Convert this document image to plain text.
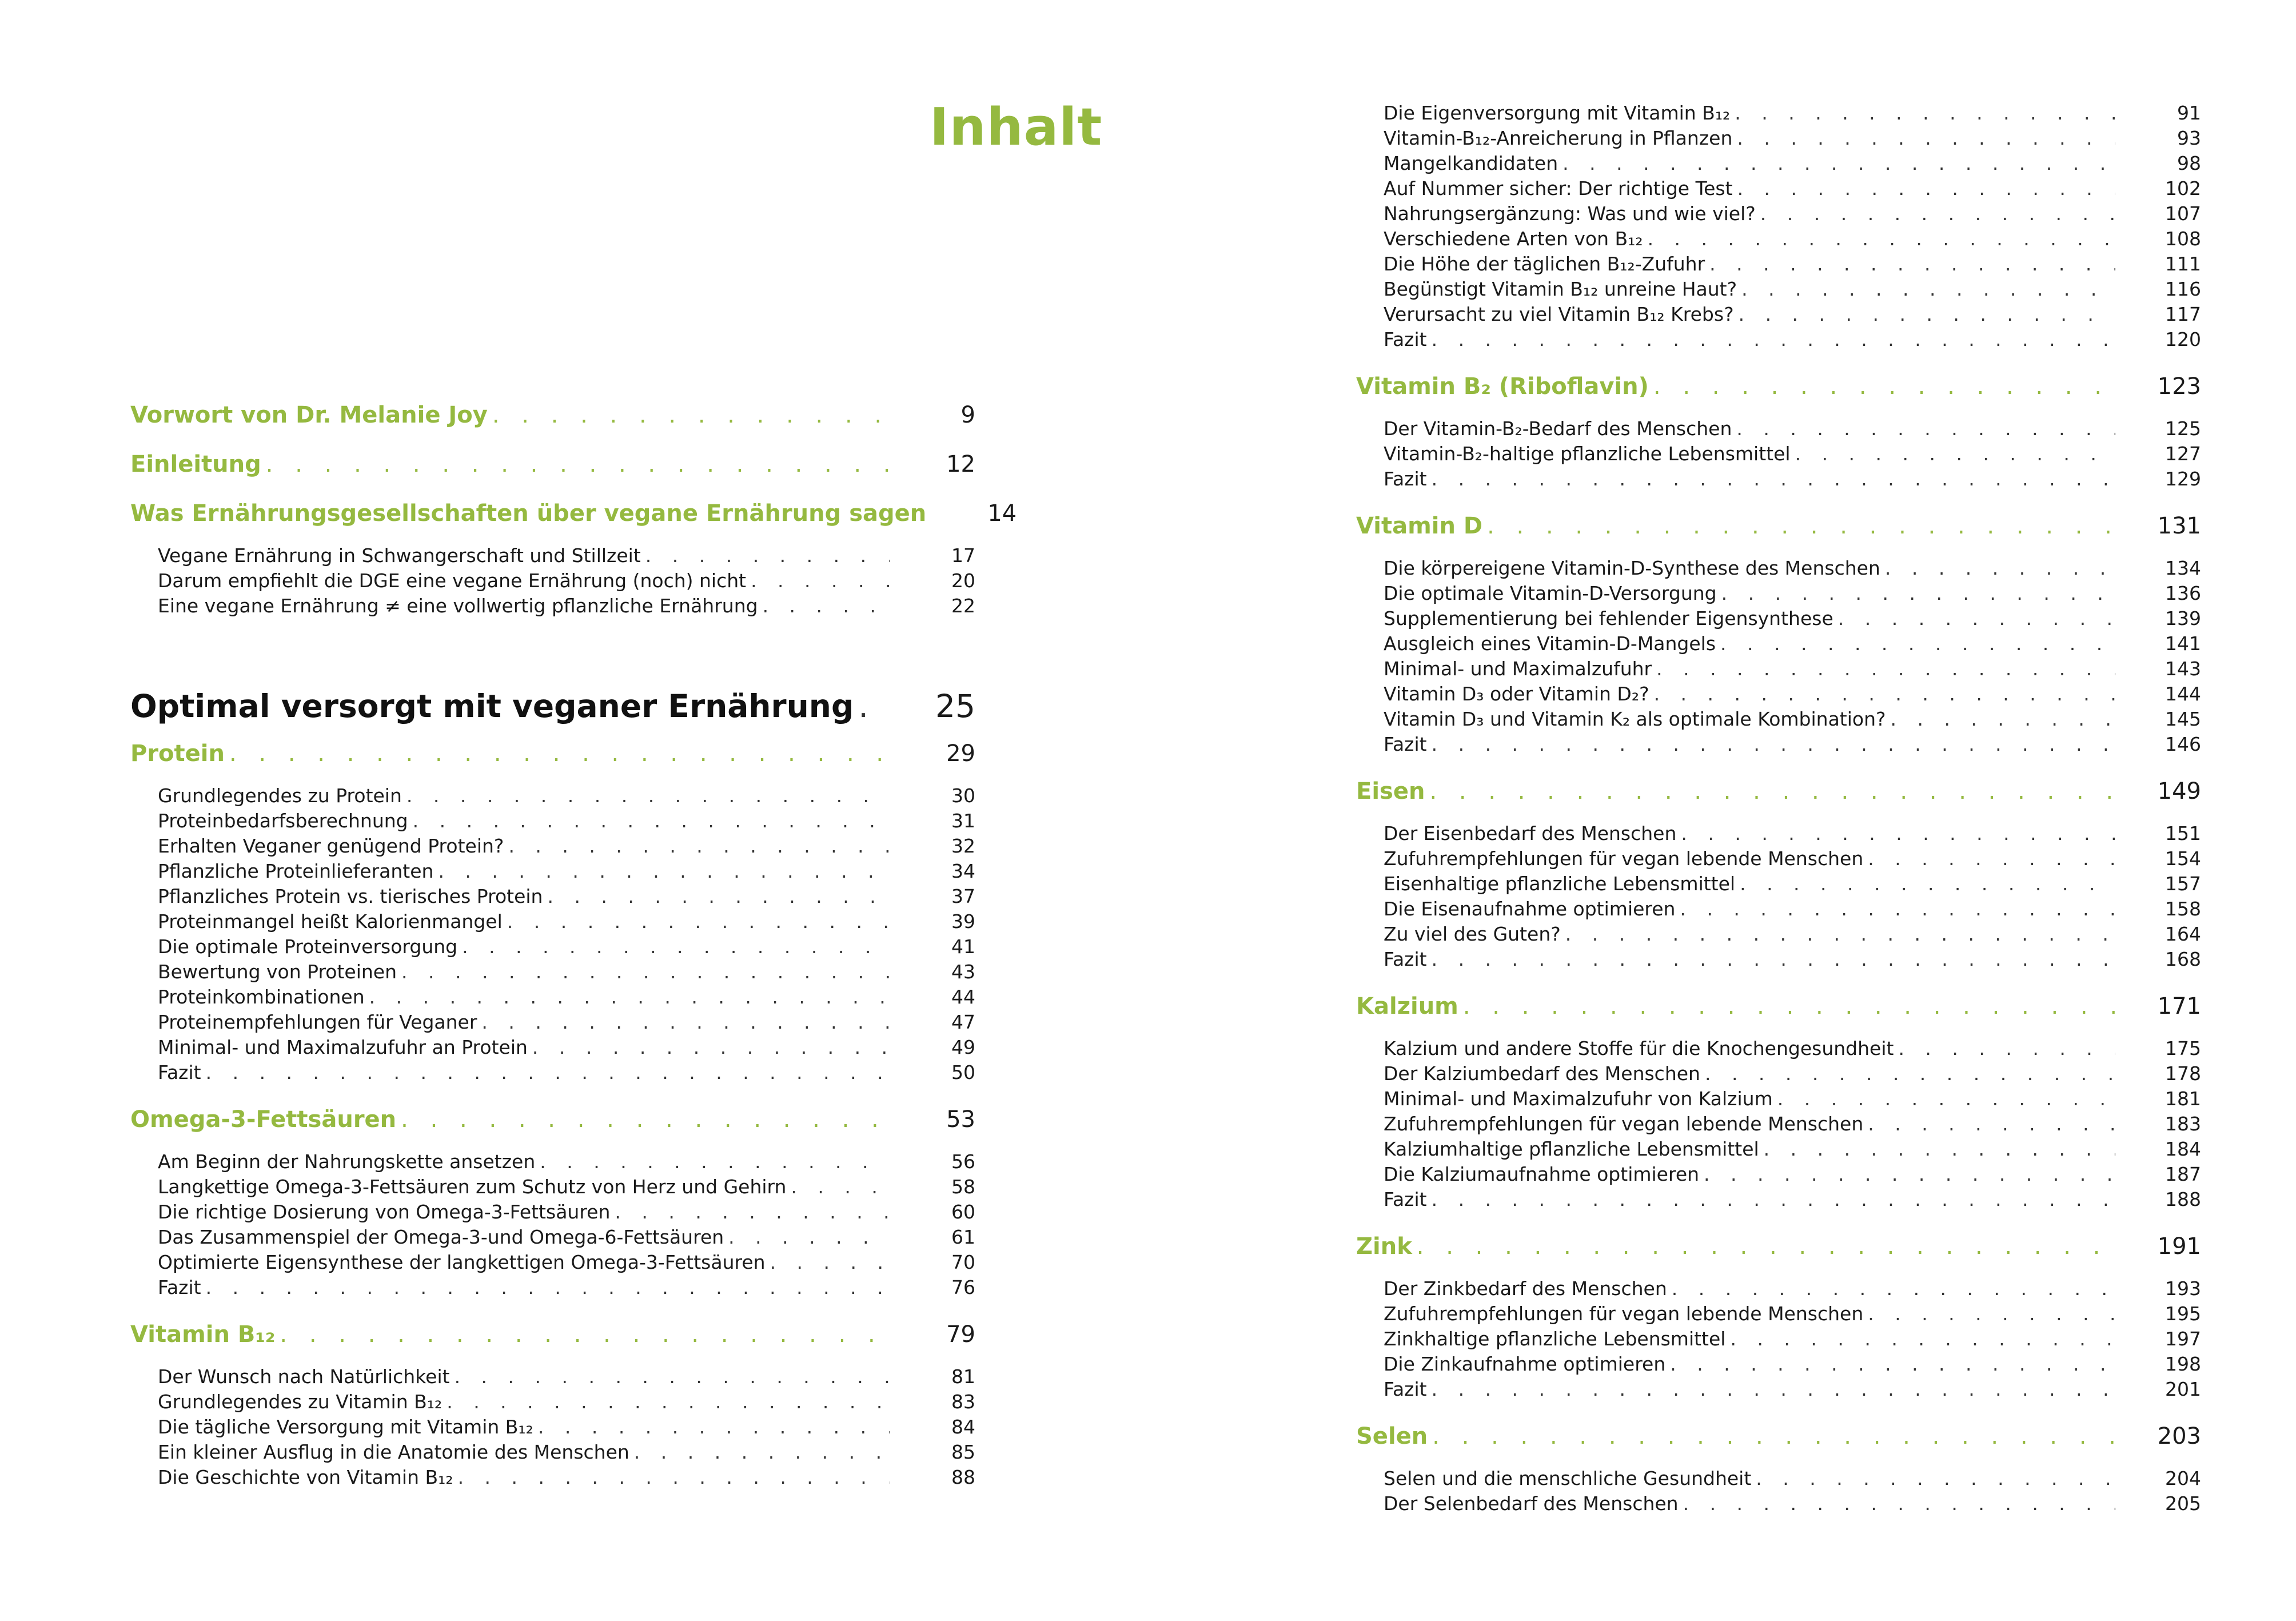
Inhalt
Vorwort von Dr. Melanie Joy . . .	9
Einleitung . . .	12
Was Ernährungsgesellschaften über vegane Ernährung sagen . . .	14
Vegane Ernährung in Schwangerschaft und Stillzeit . . .	17
Darum empfiehlt die DGE eine vegane Ernährung (noch) nicht . . .	20
Eine vegane Ernährung ≠ eine vollwertig pflanzliche Ernährung . . .	22
Optimal versorgt mit veganer Ernährung . . .	25
Protein . . .	29
Grundlegendes zu Protein . . .	30
Proteinbedarfsberechnung . . .	31
Erhalten Veganer genügend Protein? . . .	32
Pflanzliche Proteinlieferanten . . .	34
Pflanzliches Protein vs. tierisches Protein . . .	37
Proteinmangel heißt Kalorienmangel . . .	39
Die optimale Proteinversorgung . . .	41
Bewertung von Proteinen . . .	43
Proteinkombinationen . . .	44
Proteinempfehlungen für Veganer . . .	47
Minimal- und Maximalzufuhr an Protein . . .	49
Fazit . . .	50
Omega-3-Fettsäuren . . .	53
Am Beginn der Nahrungskette ansetzen . . .	56
Langkettige Omega-3-Fettsäuren zum Schutz von Herz und Gehirn . . .	58
Die richtige Dosierung von Omega-3-Fettsäuren . . .	60
Das Zusammenspiel der Omega-3-und Omega-6-Fettsäuren . . .	61
Optimierte Eigensynthese der langkettigen Omega-3-Fettsäuren . . .	70
Fazit . . .	76
Vitamin B₁₂ . . .	79
Der Wunsch nach Natürlichkeit . . .	81
Grundlegendes zu Vitamin B₁₂ . . .	83
Die tägliche Versorgung mit Vitamin B₁₂ . . .	84
Ein kleiner Ausflug in die Anatomie des Menschen . . .	85
Die Geschichte von Vitamin B₁₂ . . .	88
Die Eigenversorgung mit Vitamin B₁₂ . . .	91
Vitamin-B₁₂-Anreicherung in Pflanzen . . .	93
Mangelkandidaten . . .	98
Auf Nummer sicher: Der richtige Test . . .	102
Nahrungsergänzung: Was und wie viel? . . .	107
Verschiedene Arten von B₁₂ . . .	108
Die Höhe der täglichen B₁₂-Zufuhr . . .	111
Begünstigt Vitamin B₁₂ unreine Haut? . . .	116
Verursacht zu viel Vitamin B₁₂ Krebs? . . .	117
Fazit . . .	120
Vitamin B₂ (Riboflavin) . . .	123
Der Vitamin-B₂-Bedarf des Menschen . . .	125
Vitamin-B₂-haltige pflanzliche Lebensmittel . . .	127
Fazit . . .	129
Vitamin D . . .	131
Die körpereigene Vitamin-D-Synthese des Menschen . . .	134
Die optimale Vitamin-D-Versorgung . . .	136
Supplementierung bei fehlender Eigensynthese . . .	139
Ausgleich eines Vitamin-D-Mangels . . .	141
Minimal- und Maximalzufuhr . . .	143
Vitamin D₃ oder Vitamin D₂? . . .	144
Vitamin D₃ und Vitamin K₂ als optimale Kombination? . . .	145
Fazit . . .	146
Eisen . . .	149
Der Eisenbedarf des Menschen . . .	151
Zufuhrempfehlungen für vegan lebende Menschen . . .	154
Eisenhaltige pflanzliche Lebensmittel . . .	157
Die Eisenaufnahme optimieren . . .	158
Zu viel des Guten? . . .	164
Fazit . . .	168
Kalzium . . .	171
Kalzium und andere Stoffe für die Knochengesundheit . . .	175
Der Kalziumbedarf des Menschen . . .	178
Minimal- und Maximalzufuhr von Kalzium . . .	181
Zufuhrempfehlungen für vegan lebende Menschen . . .	183
Kalziumhaltige pflanzliche Lebensmittel . . .	184
Die Kalziumaufnahme optimieren . . .	187
Fazit . . .	188
Zink . . .	191
Der Zinkbedarf des Menschen . . .	193
Zufuhrempfehlungen für vegan lebende Menschen . . .	195
Zinkhaltige pflanzliche Lebensmittel . . .	197
Die Zinkaufnahme optimieren . . .	198
Fazit . . .	201
Selen . . .	203
Selen und die menschliche Gesundheit . . .	204
Der Selenbedarf des Menschen . . .	205
